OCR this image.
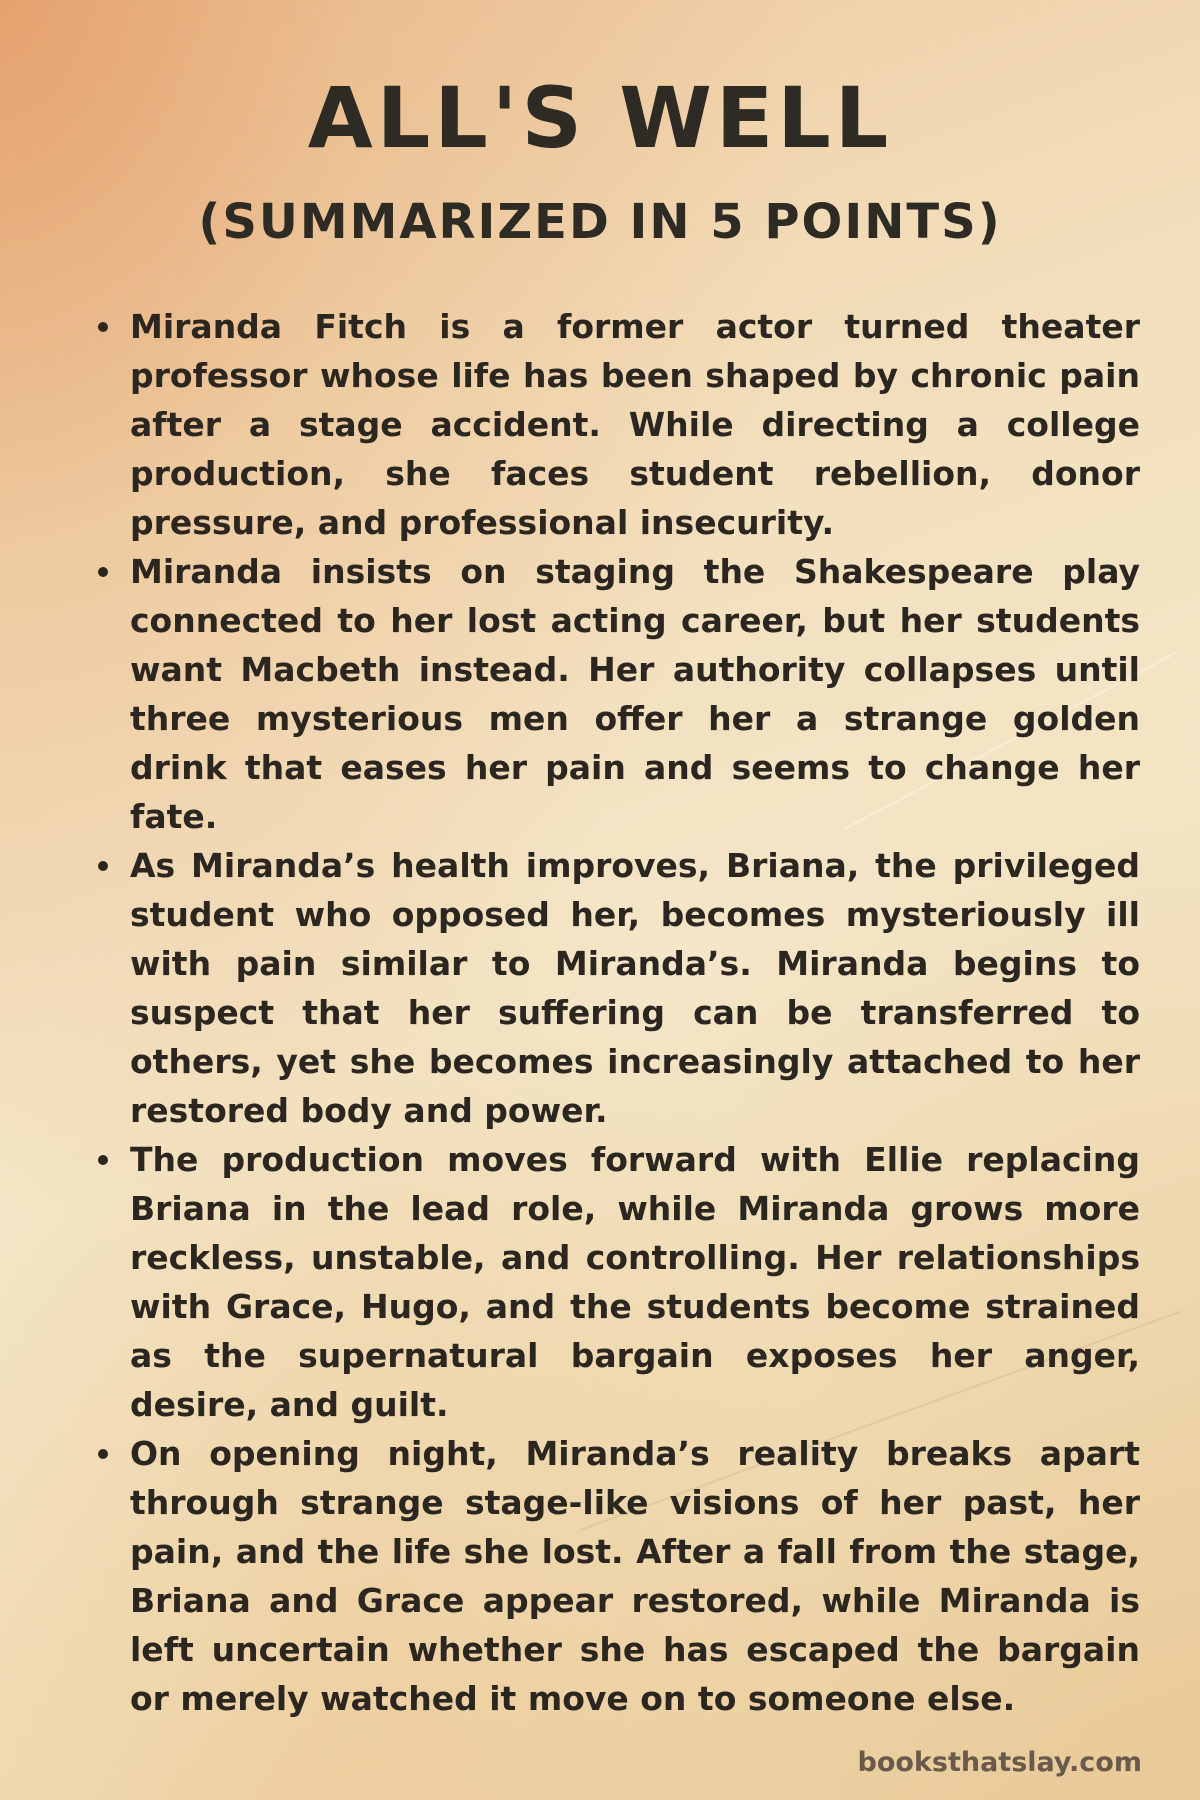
ALL'S WELL
(SUMMARIZED IN 5 POINTS)
Miranda Fitch is a former actor turned theater professor whose life has been shaped by chronic pain after a stage accident. While directing a college production, she faces student rebellion, donor pressure, and professional insecurity.
Miranda insists on staging the Shakespeare play connected to her lost acting career, but her students want Macbeth instead. Her authority collapses until three mysterious men offer her a strange golden drink that eases her pain and seems to change her fate.
As Miranda’s health improves, Briana, the privileged student who opposed her, becomes mysteriously ill with pain similar to Miranda’s. Miranda begins to suspect that her suffering can be transferred to others, yet she becomes increasingly attached to her restored body and power.
The production moves forward with Ellie replacing Briana in the lead role, while Miranda grows more reckless, unstable, and controlling. Her relationships with Grace, Hugo, and the students become strained as the supernatural bargain exposes her anger, desire, and guilt.
On opening night, Miranda’s reality breaks apart through strange stage-like visions of her past, her pain, and the life she lost. After a fall from the stage, Briana and Grace appear restored, while Miranda is left uncertain whether she has escaped the bargain or merely watched it move on to someone else.

booksthatslay.com
